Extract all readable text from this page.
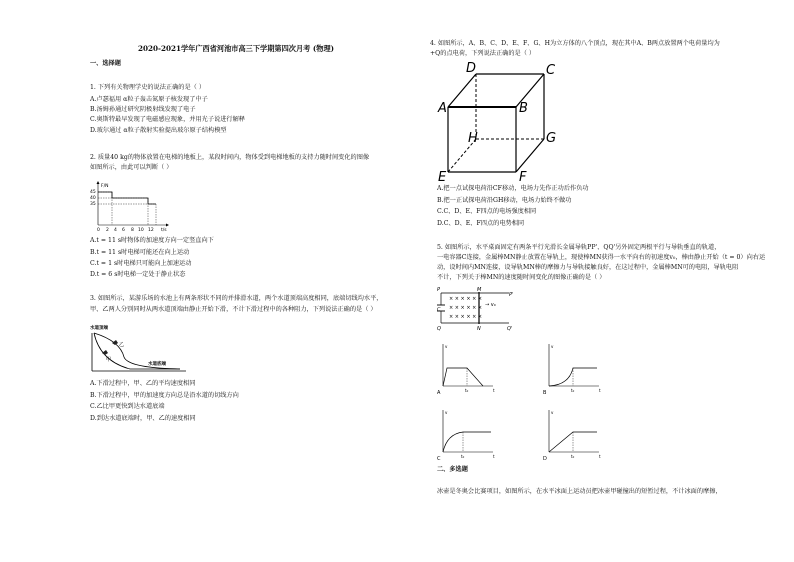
2020-2021学年广西省河池市高三下学期第四次月考 (物理)
一、选择题
1. 下列有关物理学史的说法正确的是（ ）
A.卢瑟福用 α粒子轰击氮原子核发现了中子
B.汤姆孙通过研究阴极射线发现了电子
C.奥斯特最早发现了电磁感应现象，并用光子说进行解释
D.玻尔通过 α粒子散射实验提出玻尔原子结构模型
2. 质量40 kg的物体放置在电梯的地板上，某段时间内，物体受到电梯地板的支持力随时间变化的图像
如图所示，由此可以判断（ ）
F/N
t/s
45
40
35
0 2 4 6 8 10 12
A.t = 11 s时物体的加速度方向一定竖直向下
B.t = 11 s时电梯可能还在向上运动
C.t = 1 s时电梯只可能向上加速运动
D.t = 6 s时电梯一定处于静止状态
3. 如图所示，某游乐场的水池上有两条形状不同的并排滑水道，两个水道顶端高度相同，底端切线均水平，
甲、乙两人分别同时从两水道顶端由静止开始下滑，不计下滑过程中的各种阻力，下列说法正确的是（ ）
水道顶端
乙
甲
水道底端
A.下滑过程中，甲、乙的平均速度相同
B.下滑过程中，甲的加速度方向总是沿水道的切线方向
C.乙比甲更快到达水道底端
D.到达水道底端时，甲、乙的速度相同
4. 如图所示，A、B、C、D、E、F、G、H为立方体的八个顶点，现在其中A、B两点放置两个电荷量均为
+Q的点电荷，下列说法正确的是（ ）
A	B
D	C
H	G
E	F
A.把一点试探电荷沿CF移动，电场力先作正功后作负功
B.把一正试探电荷沿GH移动，电场力始终不做功
C.C、D、E、F四点的电场强度相同
D.C、D、E、F四点的电势相同
5. 如图所示，水平桌面固定有两条平行光滑长金属导轨PP'、QQ'另外固定两根平行与导轨垂直的轨道，
一电容器C连接，金属棒MN静止放置在导轨上，现使棒MN获得一水平向右的初速度v₀，棒由静止开始（t = 0）向右运
动，设时间内MN连接，设导轨MN棒的摩擦力与导轨接触良好，在这过程中，金属棒MN可的电阻，导轨电阻
不计，下列关于棒MN的速度随时间变化的图像正确的是（ ）
P	M
P'
C
Q	N	Q'
→ v₀
× × × × × ×
× × × × × ×
× × × × × ×
v
t
t₀
A
v
t
t₀
B
v
t
t₀
C
v
t
t₀
D
二、多选题
冰壶是冬奥会比赛项目，如图所示，在水平冰面上运动员把冰壶甲碰撞出的短暂过程，不计冰面的摩擦，
